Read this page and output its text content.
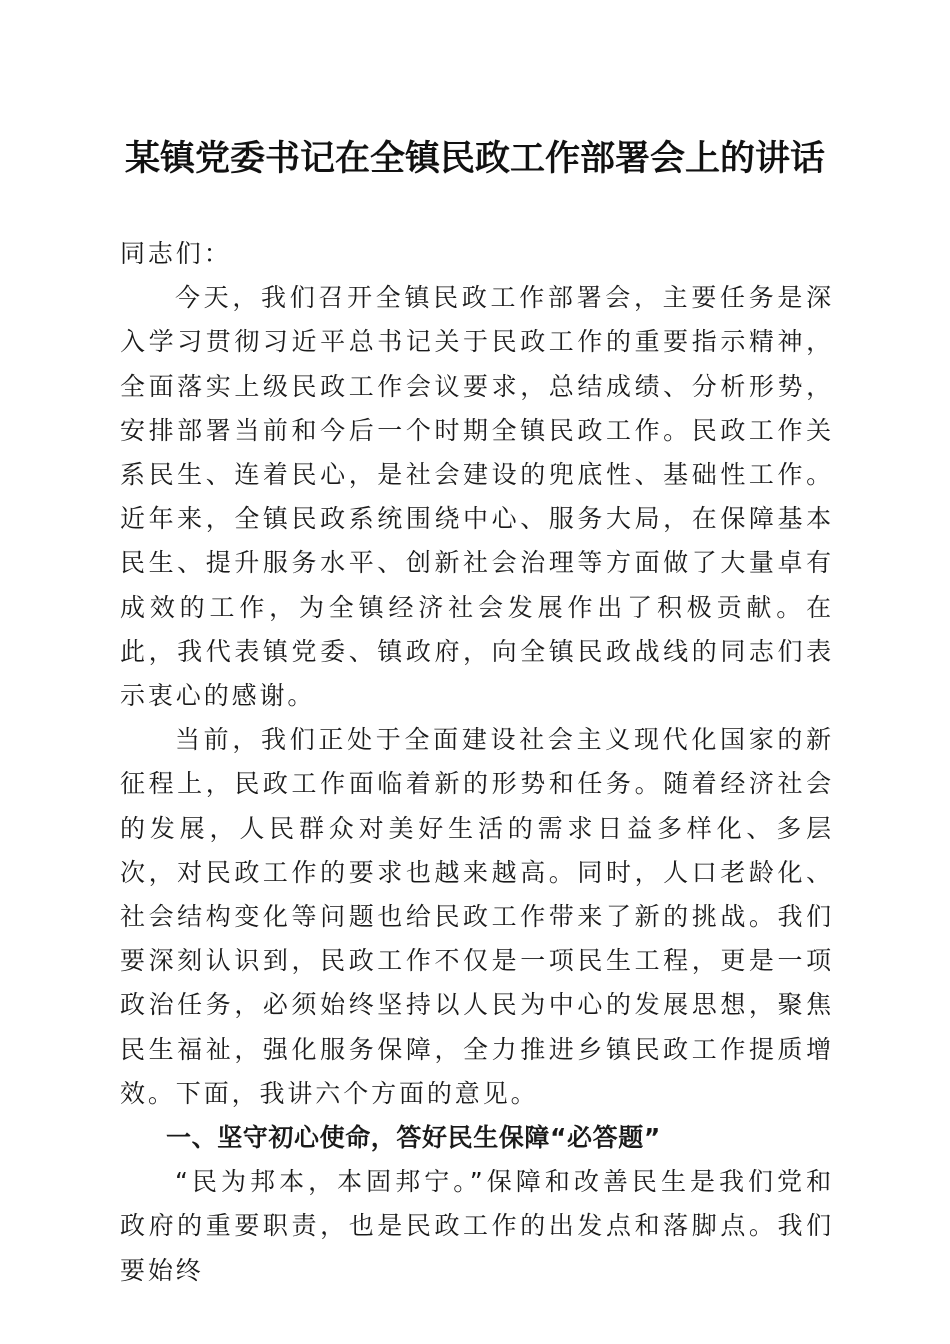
某镇党委书记在全镇民政工作部署会上的讲话

同志们：

今天，我们召开全镇民政工作部署会，主要任务是深入学习贯彻习近平总书记关于民政工作的重要指示精神，全面落实上级民政工作会议要求，总结成绩、分析形势，安排部署当前和今后一个时期全镇民政工作。民政工作关系民生、连着民心，是社会建设的兜底性、基础性工作。近年来，全镇民政系统围绕中心、服务大局，在保障基本民生、提升服务水平、创新社会治理等方面做了大量卓有成效的工作，为全镇经济社会发展作出了积极贡献。在此，我代表镇党委、镇政府，向全镇民政战线的同志们表示衷心的感谢。

当前，我们正处于全面建设社会主义现代化国家的新征程上，民政工作面临着新的形势和任务。随着经济社会的发展，人民群众对美好生活的需求日益多样化、多层次，对民政工作的要求也越来越高。同时，人口老龄化、社会结构变化等问题也给民政工作带来了新的挑战。我们要深刻认识到，民政工作不仅是一项民生工程，更是一项政治任务，必须始终坚持以人民为中心的发展思想，聚焦民生福祉，强化服务保障，全力推进乡镇民政工作提质增效。下面，我讲六个方面的意见。

一、坚守初心使命，答好民生保障“必答题”

“民为邦本，本固邦宁。”保障和改善民生是我们党和政府的重要职责，也是民政工作的出发点和落脚点。我们要始终
